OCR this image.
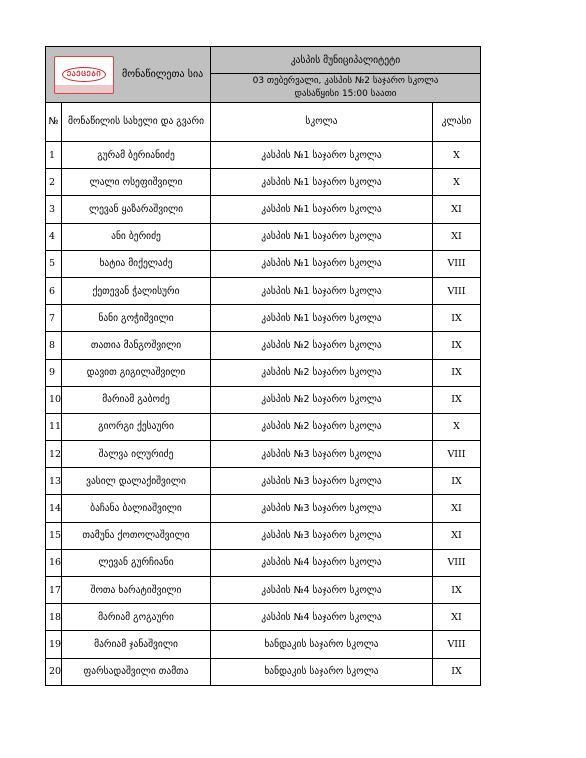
ᲔᲐᲔᲪᲔᲑᲘ მონაწილეთა სია		კასპის მუნიციპალიტეტი	

		03 თებერვალი, კასპის №2 საჯარო სკოლა
დასაწყისი 15:00 საათი	

№	მონაწილის სახელი და გვარი	სკოლა	კლასი
1	გურამ ბერიანიძე	კასპის №1 საჯარო სკოლა	X
2	ლალი ოსეფიშვილი	კასპის №1 საჯარო სკოლა	X
3	ლევან ყაზარაშვილი	კასპის №1 საჯარო სკოლა	XI
4	ანი ბერიძე	კასპის №1 საჯარო სკოლა	XI
5	ხატია მიქელაძე	კასპის №1 საჯარო სკოლა	VIII
6	ქეთევან ჭალისური	კასპის №1 საჯარო სკოლა	VIII
7	ნანი გოჭიშვილი	კასპის №1 საჯარო სკოლა	IX
8	თათია მანგოშვილი	კასპის №2 საჯარო სკოლა	IX
9	დავით გიგილაშვილი	კასპის №2 საჯარო სკოლა	IX
10	მარიამ გაბოძე	კასპის №2 საჯარო სკოლა	IX
11	გიორგი ქესაური	კასპის №2 საჯარო სკოლა	X
12	შალვა ილურიძე	კასპის №3 საჯარო სკოლა	VIII
13	ვასილ დალაქიშვილი	კასპის №3 საჯარო სკოლა	IX
14	ბაჩანა ბალიაშვილი	კასპის №3 საჯარო სკოლა	XI
15	თამუნა ქოთოლაშვილი	კასპის №3 საჯარო სკოლა	XI
16	ლევან გურჩიანი	კასპის №4 საჯარო სკოლა	VIII
17	შოთა ხარატიშვილი	კასპის №4 საჯარო სკოლა	IX
18	მარიამ გოგაური	კასპის №4 საჯარო სკოლა	XI
19	მარიამ ჯანაშვილი	ხანდაკის საჯარო სკოლა	VIII
20	ფარსადაშვილი თამთა	ხანდაკის საჯარო სკოლა	IX
